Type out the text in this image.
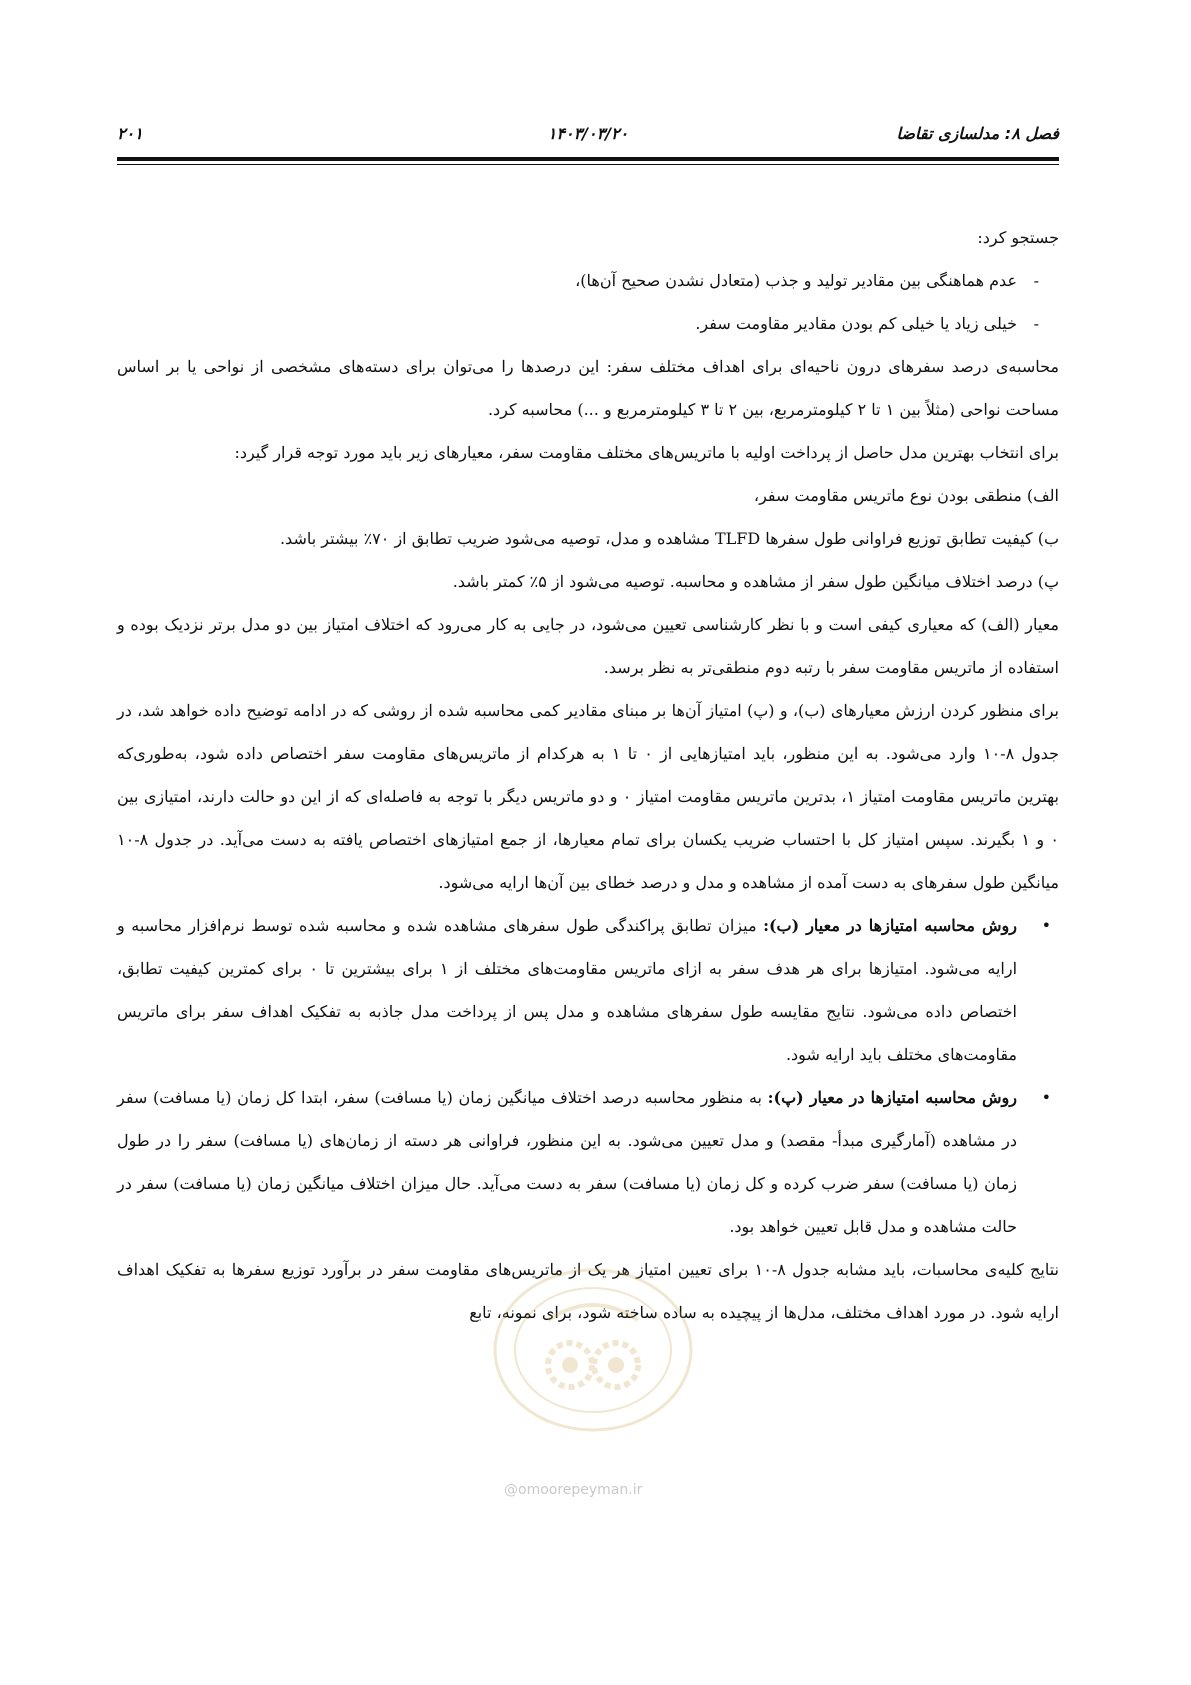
فصل ۸: مدلسازی تقاضا
۱۴۰۳/۰۳/۲۰
۲۰۱

جستجو کرد:

-عدم هماهنگی بین مقادیر تولید و جذب (متعادل نشدن صحیح آن‌ها)،

-خیلی زیاد یا خیلی کم بودن مقادیر مقاومت سفر.

محاسبه‌ی درصد سفرهای درون ناحیه‌ای برای اهداف مختلف سفر: این درصدها را می‌توان برای دسته‌های مشخصی از نواحی یا بر اساس مساحت نواحی (مثلاً بین ۱ تا ۲ کیلومترمربع، بین ۲ تا ۳ کیلومترمربع و ...) محاسبه کرد.

برای انتخاب بهترین مدل حاصل از پرداخت اولیه با ماتریس‌های مختلف مقاومت سفر، معیارهای زیر باید مورد توجه قرار گیرد:

الف) منطقی بودن نوع ماتریس مقاومت سفر،

ب) کیفیت تطابق توزیع فراوانی طول سفرها TLFD مشاهده و مدل، توصیه می‌شود ضریب تطابق از ۷۰٪ بیشتر باشد.

پ) درصد اختلاف میانگین طول سفر از مشاهده و محاسبه. توصیه می‌شود از ۵٪ کمتر باشد.

معیار (الف) که معیاری کیفی است و با نظر کارشناسی تعیین می‌شود، در جایی به کار می‌رود که اختلاف امتیاز بین دو مدل برتر نزدیک بوده و استفاده از ماتریس مقاومت سفر با رتبه دوم منطقی‌تر به نظر برسد.

برای منظور کردن ارزش معیارهای (ب)، و (پ) امتیاز آن‌ها بر مبنای مقادیر کمی محاسبه شده از روشی که در ادامه توضیح داده خواهد شد، در جدول ۸-۱۰ وارد می‌شود. به این منظور، باید امتیازهایی از ۰ تا ۱ به هرکدام از ماتریس‌های مقاومت سفر اختصاص داده شود، به‌طوری‌که بهترین ماتریس مقاومت امتیاز ۱، بدترین ماتریس مقاومت امتیاز ۰ و دو ماتریس دیگر با توجه به فاصله‌ای که از این دو حالت دارند، امتیازی بین ۰ و ۱ بگیرند. سپس امتیاز کل با احتساب ضریب یکسان برای تمام معیارها، از جمع امتیازهای اختصاص یافته به دست می‌آید. در جدول ۸-۱۰ میانگین طول سفرهای به دست آمده از مشاهده و مدل و درصد خطای بین آن‌ها ارایه می‌شود.

•
روش محاسبه امتیازها در معیار (ب): میزان تطابق پراکندگی طول سفرهای مشاهده شده و محاسبه شده توسط نرم‌افزار محاسبه و ارایه می‌شود. امتیازها برای هر هدف سفر به ازای ماتریس مقاومت‌های مختلف از ۱ برای بیشترین تا ۰ برای کمترین کیفیت تطابق، اختصاص داده می‌شود. نتایج مقایسه طول سفرهای مشاهده و مدل پس از پرداخت مدل جاذبه به تفکیک اهداف سفر برای ماتریس مقاومت‌های مختلف باید ارایه شود.

•
روش محاسبه امتیازها در معیار (پ): به منظور محاسبه درصد اختلاف میانگین زمان (یا مسافت) سفر، ابتدا کل زمان (یا مسافت) سفر در مشاهده (آمارگیری مبدأ- مقصد) و مدل تعیین می‌شود. به این منظور، فراوانی هر دسته از زمان‌های (یا مسافت) سفر را در طول زمان (یا مسافت) سفر ضرب کرده و کل زمان (یا مسافت) سفر به دست می‌آید. حال میزان اختلاف میانگین زمان (یا مسافت) سفر در حالت مشاهده و مدل قابل تعیین خواهد بود.

نتایج کلیه‌ی محاسبات، باید مشابه جدول ۸-۱۰ برای تعیین امتیاز هر یک از ماتریس‌های مقاومت سفر در برآورد توزیع سفرها به تفکیک اهداف ارایه شود. در مورد اهداف مختلف، مدل‌ها از پیچیده به ساده ساخته شود، برای نمونه، تابع

@omoorepeyman.ir
